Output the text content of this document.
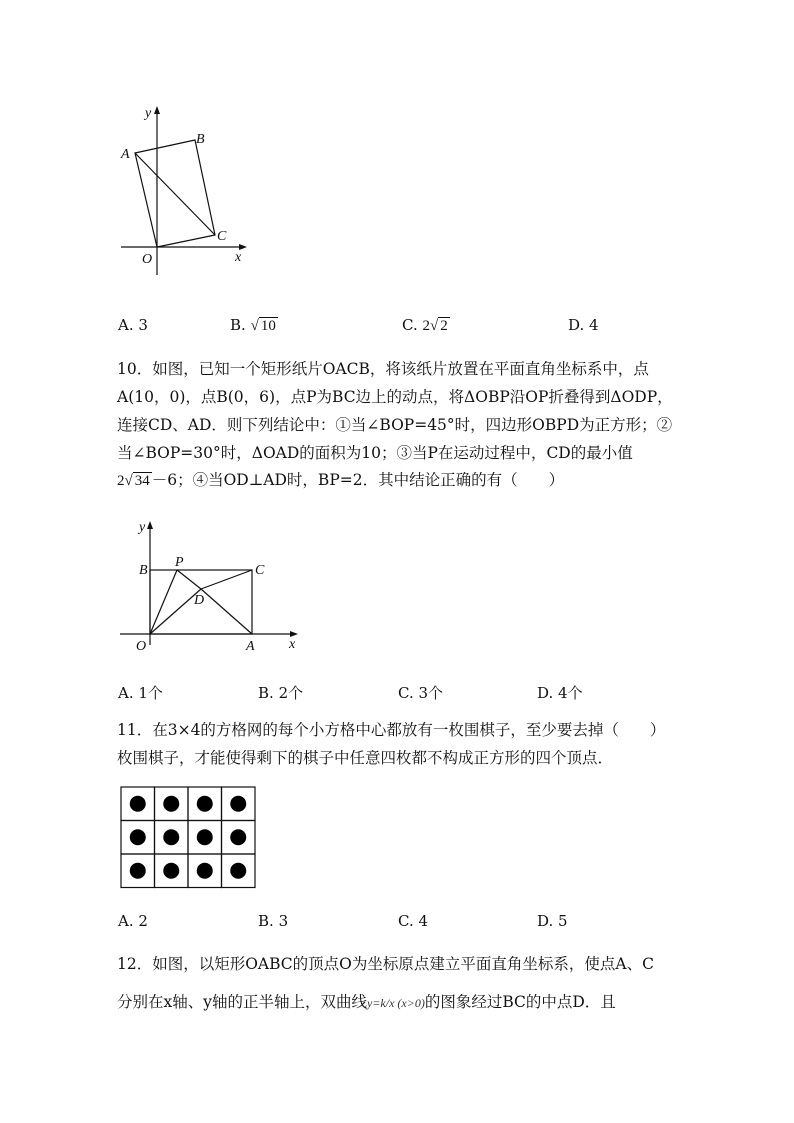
y
x
O
A
B
C
A. 3	B. √ 10	C. 2√ 2	D. 4
10．如图，已知一个矩形纸片OACB，将该纸片放置在平面直角坐标系中，点
A(10，0)，点B(0，6)，点P为BC边上的动点，将ΔOBP沿OP折叠得到ΔODP，
连接CD、AD．则下列结论中：①当∠BOP=45°时，四边形OBPD为正方形；②
当∠BOP=30°时，ΔOAD的面积为10；③当P在运动过程中，CD的最小值
2√ 34 －6；④当OD⊥AD时，BP=2．其中结论正确的有（　　）
y
x
O	A
B	C
P
D
A. 1个	B. 2个	C. 3个	D. 4个
11．在3×4的方格网的每个小方格中心都放有一枚围棋子，至少要去掉（　　）
枚围棋子，才能使得剩下的棋子中任意四枚都不构成正方形的四个顶点．
A. 2	B. 3	C. 4	D. 5
12．如图，以矩形OABC的顶点O为坐标原点建立平面直角坐标系，使点A、C
分别在x轴、y轴的正半轴上，双曲线y=k/x (x>0)的图象经过BC的中点D．且
